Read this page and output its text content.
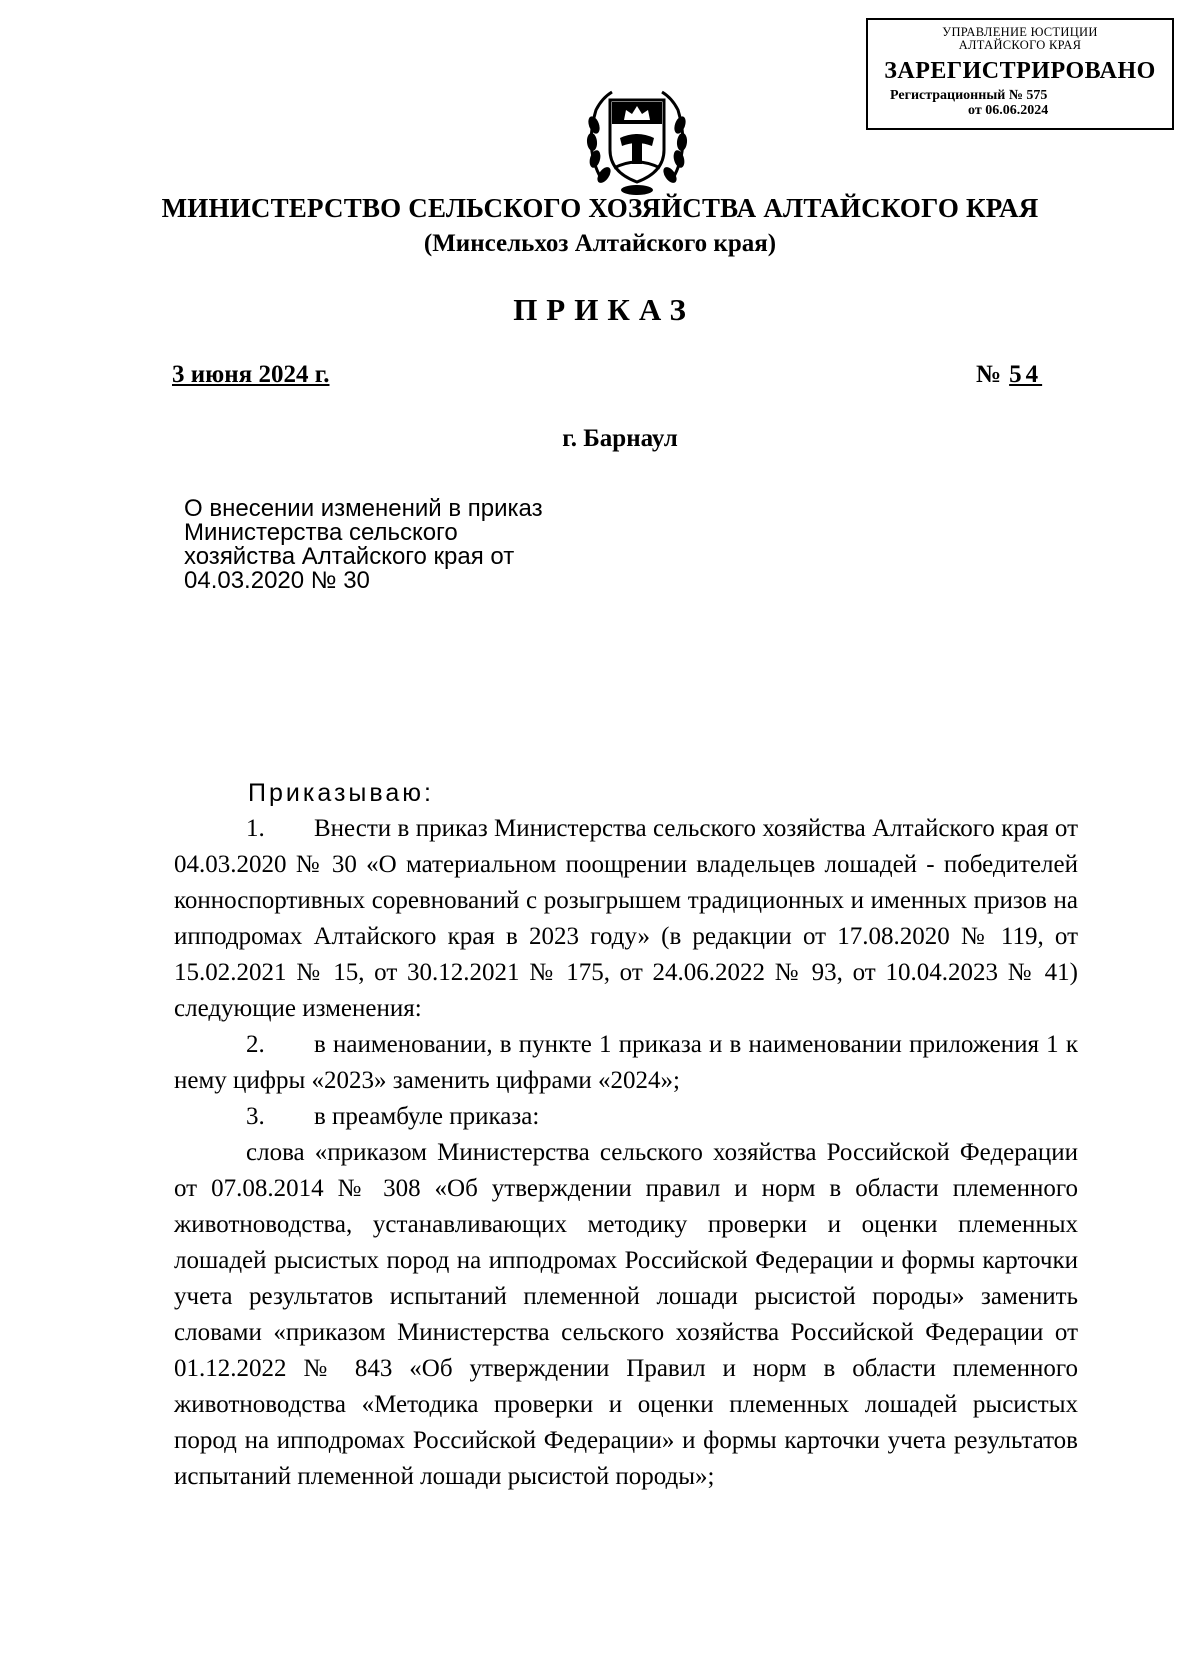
УПРАВЛЕНИЕ ЮСТИЦИИ
АЛТАЙСКОГО КРАЯ
ЗАРЕГИСТРИРОВАНО
Регистрационный № 575
от 06.06.2024
МИНИСТЕРСТВО СЕЛЬСКОГО ХОЗЯЙСТВА АЛТАЙСКОГО КРАЯ
(Минсельхоз Алтайского края)
ПРИКАЗ
3 июня 2024 г.	№ 54
г. Барнаул
О внесении изменений в приказ
Министерства сельского
хозяйства Алтайского края от
04.03.2020 № 30
Приказываю:

1. Внести в приказ Министерства сельского хозяйства Алтайского края от 04.03.2020 № 30 «О материальном поощрении владельцев лошадей - победителей конноспортивных соревнований с розыгрышем традиционных и именных призов на ипподромах Алтайского края в 2023 году» (в редакции от 17.08.2020 № 119, от 15.02.2021 № 15, от 30.12.2021 № 175, от 24.06.2022 № 93, от 10.04.2023 № 41) следующие изменения:

2. в наименовании, в пункте 1 приказа и в наименовании приложения 1 к нему цифры «2023» заменить цифрами «2024»;

3. в преамбуле приказа:

слова «приказом Министерства сельского хозяйства Российской Федерации от 07.08.2014 № 308 «Об утверждении правил и норм в области племенного животноводства, устанавливающих методику проверки и оценки племенных лошадей рысистых пород на ипподромах Российской Федерации и формы карточки учета результатов испытаний племенной лошади рысистой породы» заменить словами «приказом Министерства сельского хозяйства Российской Федерации от 01.12.2022 № 843 «Об утверждении Правил и норм в области племенного животноводства «Методика проверки и оценки племенных лошадей рысистых пород на ипподромах Российской Федерации» и формы карточки учета результатов испытаний племенной лошади рысистой породы»;
